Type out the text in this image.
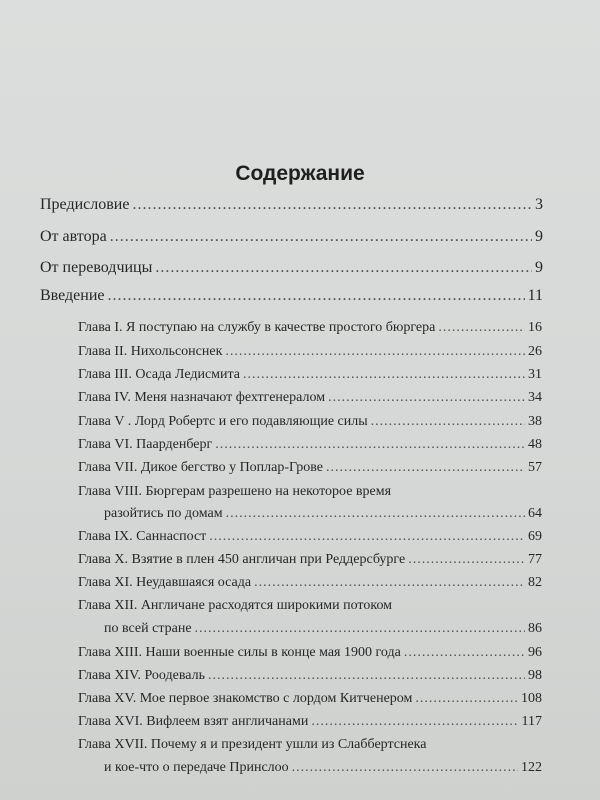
Содержание
Предисловие .....	3
От автора .....	9
От переводчицы .....	9
Введение .....	11
Глава I. Я поступаю на службу в качестве простого бюргера .....	16
Глава II. Нихольсонснек .....	26
Глава III. Осада Ледисмита .....	31
Глава IV. Меня назначают фехтгенералом .....	34
Глава V . Лорд Робертс и его подавляющие силы .....	38
Глава VI. Паарденберг .....	48
Глава VII. Дикое бегство у Поплар-Грове .....	57
Глава VIII. Бюргерам разрешено на некоторое время
разойтись по домам .....	64
Глава IX. Саннаспост .....	69
Глава X. Взятие в плен 450 англичан при Реддерсбурге .....	77
Глава XI. Неудавшаяся осада .....	82
Глава XII. Англичане расходятся широкими потоком
по всей стране .....	86
Глава XIII. Наши военные силы в конце мая 1900 года .....	96
Глава XIV. Роодеваль .....	98
Глава XV. Мое первое знакомство с лордом Китченером .....	108
Глава XVI. Вифлеем взят англичанами .....	117
Глава XVII. Почему я и президент ушли из Слаббертснека
и кое-что о передаче Принслоо .....	122
